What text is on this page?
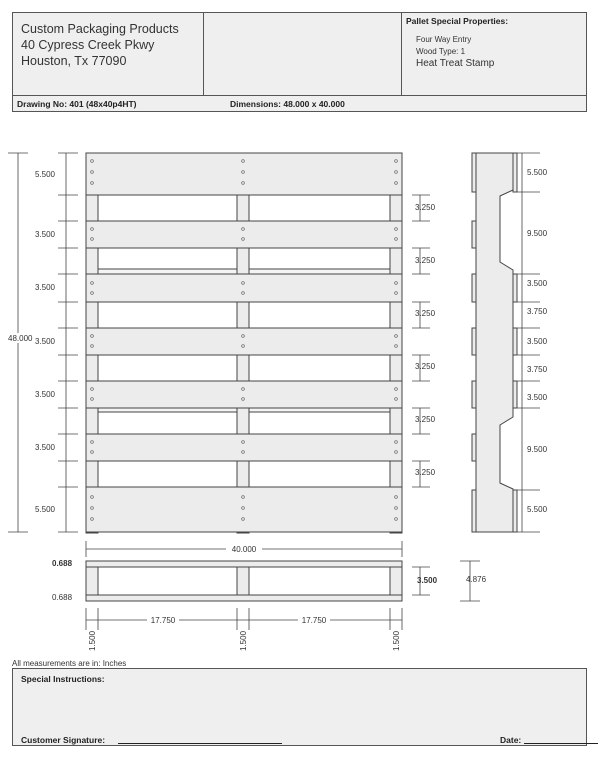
Custom Packaging Products
40 Cypress Creek Pkwy
Houston, Tx 77090
Pallet Special Properties:
Four Way Entry
Wood Type: 1
Heat Treat Stamp
Drawing No: 401 (48x40p4HT)	Dimensions: 48.000 x 40.000
48.000
5.500
3.500
3.500
3.500
3.500
3.500
5.500
3.250
3.250
3.250
3.250
3.250
3.250
5.500
9.500
3.500
3.750
3.500
3.750
3.500
9.500
5.500
40.000
0.688
0.688
3.500	4.876
17.750	17.750
1.500	1.500	1.500
All measurements are in: Inches
Special Instructions:
Customer Signature:	Date:
